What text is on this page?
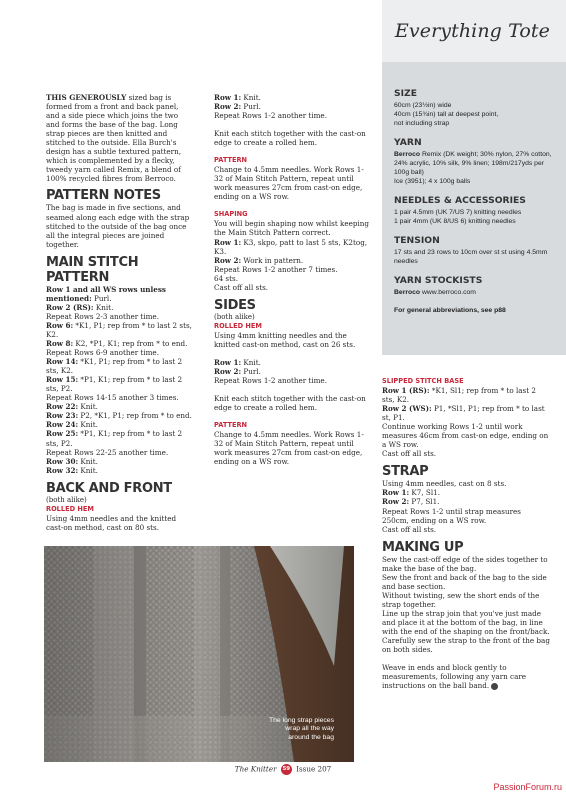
Everything Tote
SIZE
60cm (23½in) wide
40cm (15¾in) tall at deepest point,
not including strap
YARN
Berroco Remix (DK weight; 30% nylon, 27% cotton, 24% acrylic, 10% silk, 9% linen; 198m/217yds per 100g ball)
Ice (3951); 4 x 100g balls
NEEDLES & ACCESSORIES
1 pair 4.5mm (UK 7/US 7) knitting needles
1 pair 4mm (UK 8/US 6) knitting needles
TENSION
17 sts and 23 rows to 10cm over st st using 4.5mm needles
YARN STOCKISTS
Berroco www.berroco.com
For general abbreviations, see p88

THIS GENEROUSLY sized bag is formed from a front and back panel, and a side piece which joins the two and forms the base of the bag. Long strap pieces are then knitted and stitched to the outside. Ella Burch's design has a subtle textured pattern, which is complemented by a flecky, tweedy yarn called Remix, a blend of 100% recycled fibres from Berroco.

PATTERN NOTES

The bag is made in five sections, and seamed along each edge with the strap stitched to the outside of the bag once all the integral pieces are joined together.

MAIN STITCH PATTERN

Row 1 and all WS rows unless mentioned: Purl.

Row 2 (RS): Knit.

Repeat Rows 2-3 another time.

Row 6: *K1, P1; rep from * to last 2 sts, K2.

Row 8: K2, *P1, K1; rep from * to end.

Repeat Rows 6-9 another time.

Row 14: *K1, P1; rep from * to last 2 sts, K2.

Row 15: *P1, K1; rep from * to last 2 sts, P2.

Repeat Rows 14-15 another 3 times.

Row 22: Knit.

Row 23: P2, *K1, P1; rep from * to end.

Row 24: Knit.

Row 25: *P1, K1; rep from * to last 2 sts, P2.

Repeat Rows 22-25 another time.

Row 30: Knit.

Row 32: Knit.

BACK AND FRONT
(both alike)
ROLLED HEM

Using 4mm needles and the knitted cast-on method, cast on 80 sts.

Row 1: Knit.

Row 2: Purl.

Repeat Rows 1-2 another time.

Knit each stitch together with the cast-on edge to create a rolled hem.

PATTERN

Change to 4.5mm needles. Work Rows 1-32 of Main Stitch Pattern, repeat until work measures 27cm from cast-on edge, ending on a WS row.

SHAPING

You will begin shaping now whilst keeping the Main Stitch Pattern correct.

Row 1: K3, skpo, patt to last 5 sts, K2tog, K3.

Row 2: Work in pattern.

Repeat Rows 1-2 another 7 times.

64 sts.

Cast off all sts.

SIDES
(both alike)
ROLLED HEM

Using 4mm knitting needles and the knitted cast-on method, cast on 26 sts.

Row 1: Knit.

Row 2: Purl.

Repeat Rows 1-2 another time.

Knit each stitch together with the cast-on edge to create a rolled hem.

PATTERN

Change to 4.5mm needles. Work Rows 1-32 of Main Stitch Pattern, repeat until work measures 27cm from cast-on edge, ending on a WS row.

SLIPPED STITCH BASE

Row 1 (RS): *K1, Sl1; rep from * to last 2 sts, K2.

Row 2 (WS): P1, *Sl1, P1; rep from * to last st, P1.

Continue working Rows 1-2 until work measures 46cm from cast-on edge, ending on a WS row.

Cast off all sts.

STRAP

Using 4mm needles, cast on 8 sts.

Row 1: K7, Sl1.

Row 2: P7, Sl1.

Repeat Rows 1-2 until strap measures 250cm, ending on a WS row.

Cast off all sts.

MAKING UP

Sew the cast-off edge of the sides together to make the base of the bag.

Sew the front and back of the bag to the side and base section.

Without twisting, sew the short ends of the strap together.

Line up the strap join that you've just made and place it at the bottom of the bag, in line with the end of the shaping on the front/back. Carefully sew the strap to the front of the bag on both sides.

Weave in ends and block gently to measurements, following any yarn care instructions on the ball band.

The long strap pieces wrap all the way around the bag
The Knitter 59 Issue 207
PassionForum.ru
